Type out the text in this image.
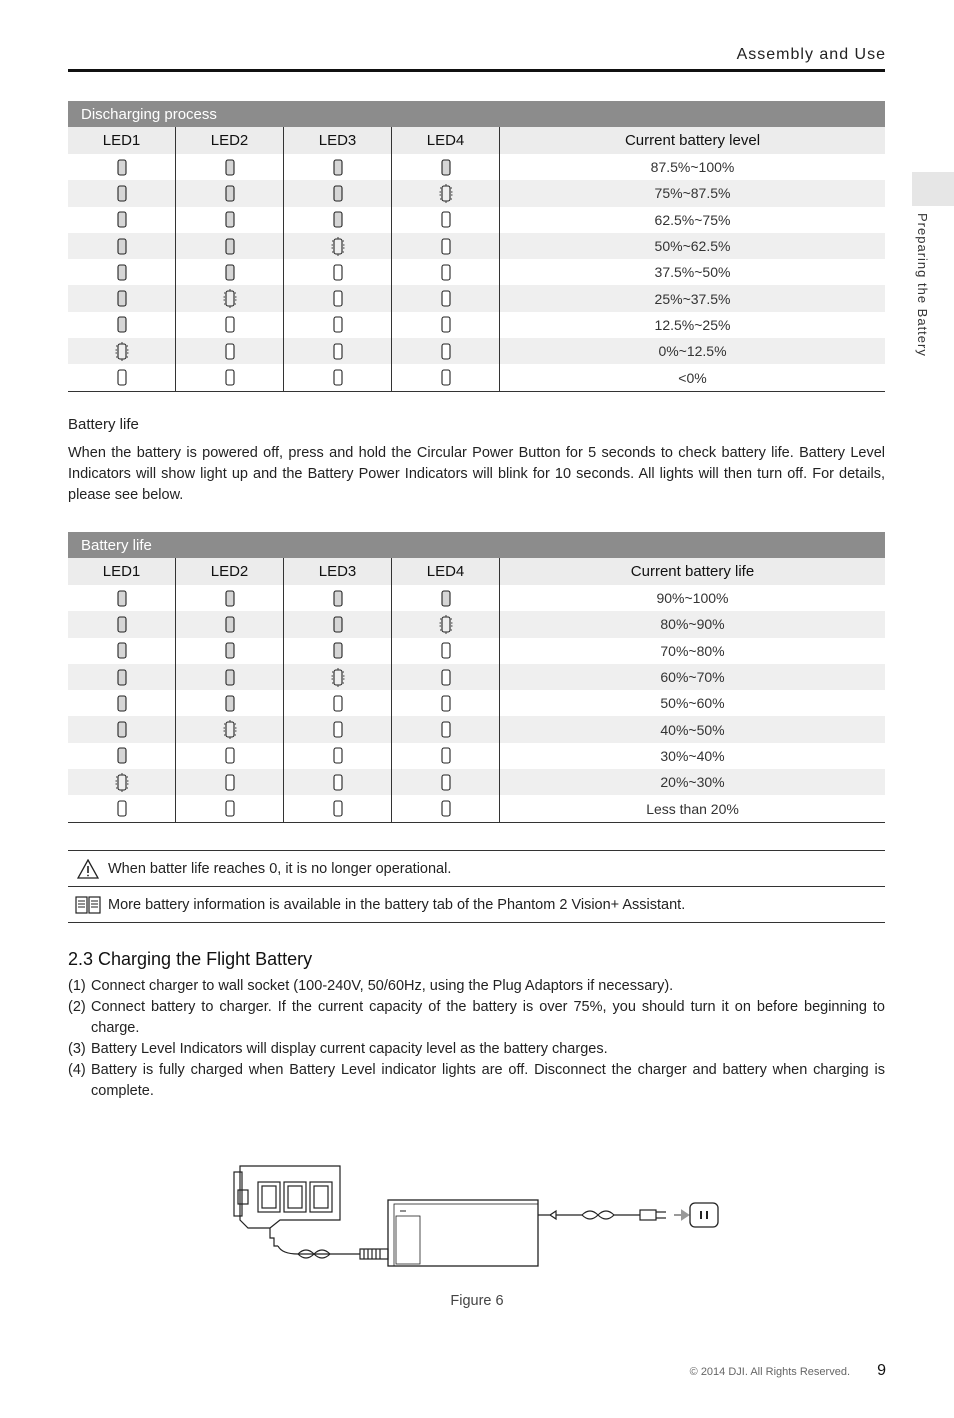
Assembly and Use
Preparing the Battery
Discharging process				
LED1	LED2	LED3	LED4	Current battery level

	87.5%~100%

	75%~87.5%

	62.5%~75%

	50%~62.5%

	37.5%~50%

	25%~37.5%

	12.5%~25%

	0%~12.5%

	<0%
Battery life
When the battery is powered off, press and hold the Circular Power Button for 5 seconds to check battery life. Battery Level Indicators will show light up and the Battery Power Indicators will blink for 10 seconds. All lights will then turn off. For details, please see below.
Battery life				
LED1	LED2	LED3	LED4	Current battery life

	90%~100%

	80%~90%

	70%~80%

	60%~70%

	50%~60%

	40%~50%

	30%~40%

	20%~30%

	Less than 20%
When batter life reaches 0, it is no longer operational.
More battery information is available in the battery tab of the Phantom 2 Vision+ Assistant.
2.3 Charging the Flight Battery
(1) Connect charger to wall socket (100-240V, 50/60Hz, using the Plug Adaptors if necessary).
(2) Connect battery to charger. If the current capacity of the battery is over 75%, you should turn it on before beginning to charge.
(3) Battery Level Indicators will display current capacity level as the battery charges.
(4) Battery is fully charged when Battery Level indicator lights are off. Disconnect the charger and battery when charging is complete.
Figure 6
© 2014 DJI. All Rights Reserved. 9
